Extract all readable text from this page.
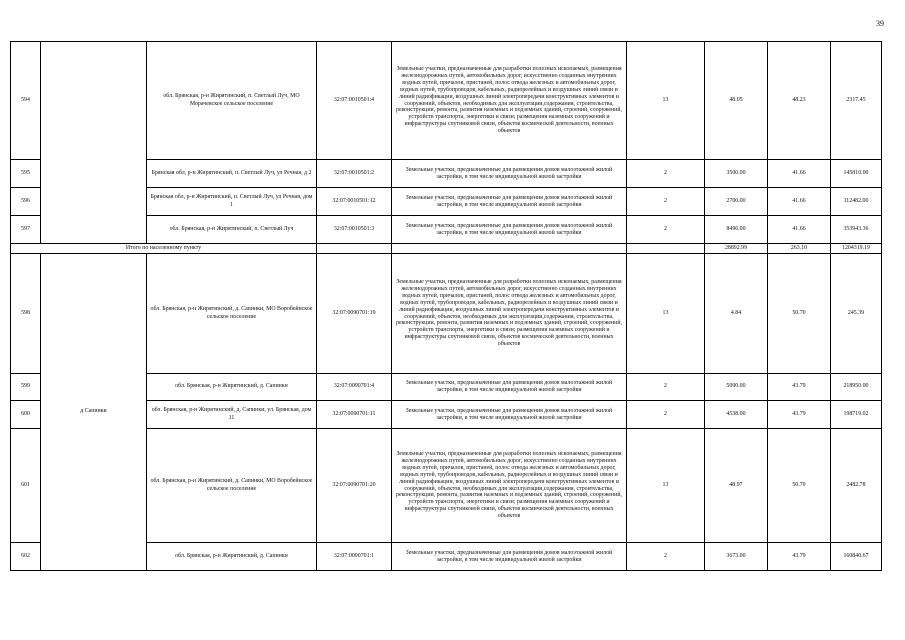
39
594		обл. Брянская, р-н Жирятинский, п. Светлый Луч, МО Морачевское сельское поселение	32:07:0010501:4	Земельные участки, предназначенные для разработки полезных ископаемых, размещения железнодорожных путей, автомобильных дорог, искусственно созданных внутренних водных путей, причалов, пристаней, полос отвода железных и автомобильных дорог, водных путей, трубопроводов, кабельных, радиорелейных и воздушных линий связи и линий радиофикации, воздушных линий электропередачи конструктивных элементов и сооружений, объектов, необходимых для эксплуатации,содержания, строительства, реконструкции, ремонта, развития наземных и подземных зданий, строений, сооружений, устройств транспорта, энергетики и связи; размещения наземных сооружений и инфраструктуры спутниковой связи, объектов космической деятельности, военных объектов	13	48.05	48.23	2317.45
595		Брянская обл, р-н Жирятинский, п. Светлый Луч, ул Речная, д 2	32:07:0010501:2	Земельные участки, предназначенные для размещения домов малоэтажной жилой застройки, в том числе индивидуальной жилой застройки	2	3500.00	41.66	145810.00
596		Брянская обл, р-н Жирятинский, п. Светлый Луч, ул Речная, дом 1	32:07:0010501:12	Земельные участки, предназначенные для размещения домов малоэтажной жилой застройки, в том числе индивидуальной жилой застройки	2	2700.00	41.66	112482.00
597		обл. Брянская, р-н Жирятинский, п. Светлый Луч	32:07:0010501:3	Земельные участки, предназначенные для размещения домов малоэтажной жилой застройки, в том числе индивидуальной жилой застройки	2	8496.00	41.66	353943.36
Итого по населенному пункту						28892.99	263.10	1204319.19
598	д Сапинки	обл. Брянская, р-н Жирятинский, д. Сапинки, МО Воробейнское сельское поселение	32:07:0090701:19	Земельные участки, предназначенные для разработки полезных ископаемых, размещения железнодорожных путей, автомобильных дорог, искусственно созданных внутренних водных путей, причалов, пристаней, полос отвода железных и автомобильных дорог, водных путей, трубопроводов, кабельных, радиорелейных и воздушных линий связи и линий радиофикации, воздушных линий электропередачи конструктивных элементов и сооружений, объектов, необходимых для эксплуатации,содержания, строительства, реконструкции, ремонта, развития наземных и подземных зданий, строений, сооружений, устройств транспорта, энергетики и связи; размещения наземных сооружений и инфраструктуры спутниковой связи, объектов космической деятельности, военных объектов	13	4.84	50.70	245.39
599		обл. Брянская, р-н Жирятинский, д. Сапинки	32:07:0090701:4	Земельные участки, предназначенные для размещения домов малоэтажной жилой застройки, в том числе индивидуальной жилой застройки	2	5000.00	43.79	218950.00
600		обл. Брянская, р-н Жирятинский, д. Сапинки, ул. Брянская, дом 11	32:07:0090701:11	Земельные участки, предназначенные для размещения домов малоэтажной жилой застройки, в том числе индивидуальной жилой застройки	2	4538.00	43.79	198719.02
601		обл. Брянская, р-н Жирятинский, д. Сапинки, МО Воробейнское сельское поселение	32:07:0090701:20	Земельные участки, предназначенные для разработки полезных ископаемых, размещения железнодорожных путей, автомобильных дорог, искусственно созданных внутренних водных путей, причалов, пристаней, полос отвода железных и автомобильных дорог, водных путей, трубопроводов, кабельных, радиорелейных и воздушных линий связи и линий радиофикации, воздушных линий электропередачи конструктивных элементов и сооружений, объектов, необходимых для эксплуатации,содержания, строительства, реконструкции, ремонта, развития наземных и подземных зданий, строений, сооружений, устройств транспорта, энергетики и связи; размещения наземных сооружений и инфраструктуры спутниковой связи, объектов космической деятельности, военных объектов	13	48.97	50.70	2482.78
602		обл. Брянская, р-н Жирятинский, д. Сапинки	32:07:0090701:1	Земельные участки, предназначенные для размещения домов малоэтажной жилой застройки, в том числе индивидуальной жилой застройки	2	3673.00	43.79	160840.67
